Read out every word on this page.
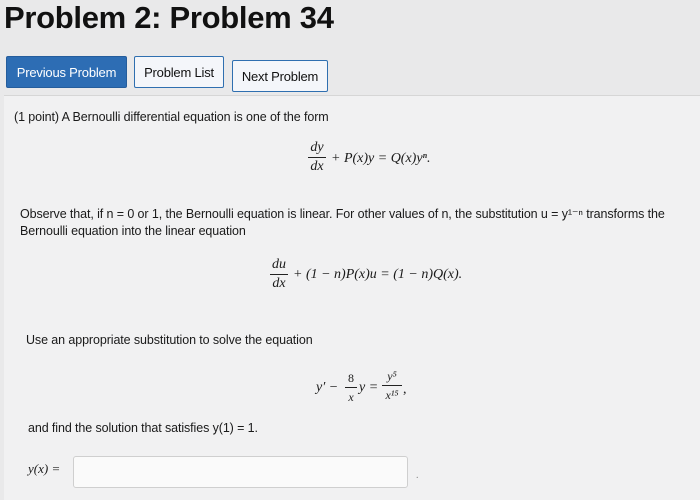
Problem 2: Problem 34
Previous Problem	Problem List	Next Problem
(1 point) A Bernoulli differential equation is one of the form
dy
dx
+ P(x)y = Q(x)yⁿ.
Observe that, if n = 0 or 1, the Bernoulli equation is linear. For other values of n, the substitution u = y¹⁻ⁿ transforms the
Bernoulli equation into the linear equation
du
dx
+ (1 − n)P(x)u = (1 − n)Q(x).
Use an appropriate substitution to solve the equation
y′ −
8
x
y =
y⁵
x¹⁵ ,
and find the solution that satisfies y(1) = 1.
y(x) =	.
